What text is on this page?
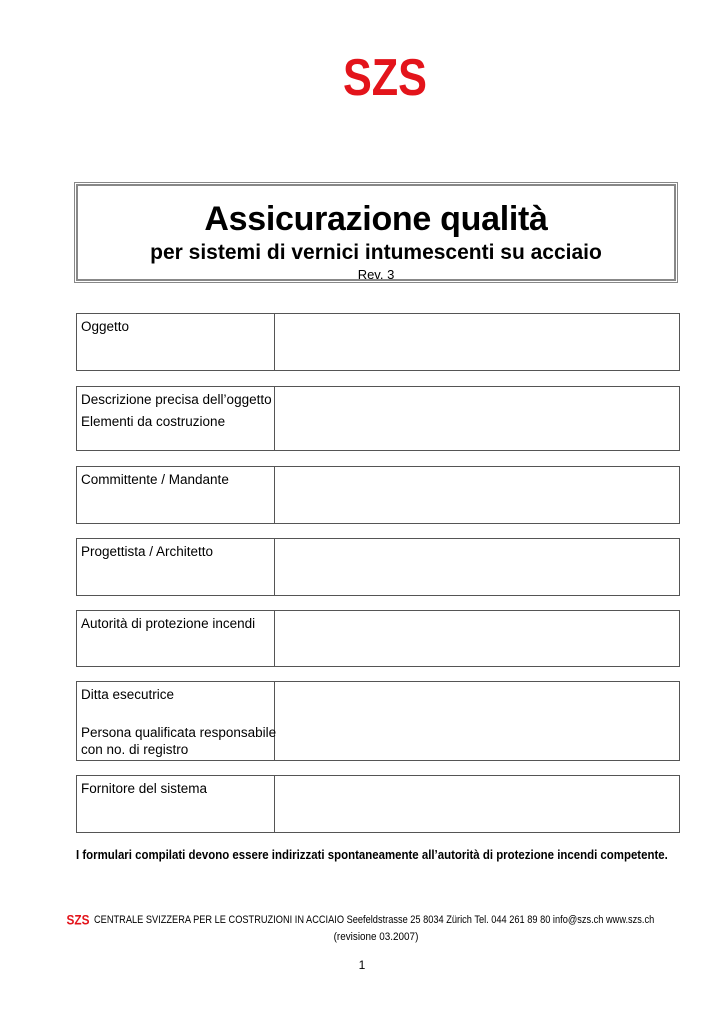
SZS
Assicurazione qualità
per sistemi di vernici intumescenti su acciaio
Rev. 3
Oggetto
Descrizione precisa dell’oggetto
Elementi da costruzione
Committente / Mandante
Progettista / Architetto
Autorità di protezione incendi
Ditta esecutrice
Persona qualificata responsabile
con no. di registro
Fornitore del sistema
I formulari compilati devono essere indirizzati spontaneamente all’autorità di protezione incendi competente.
SZS CENTRALE SVIZZERA PER LE COSTRUZIONI IN ACCIAIO Seefeldstrasse 25 8034 Zürich Tel. 044 261 89 80 info@szs.ch www.szs.ch
(revisione 03.2007)
1
